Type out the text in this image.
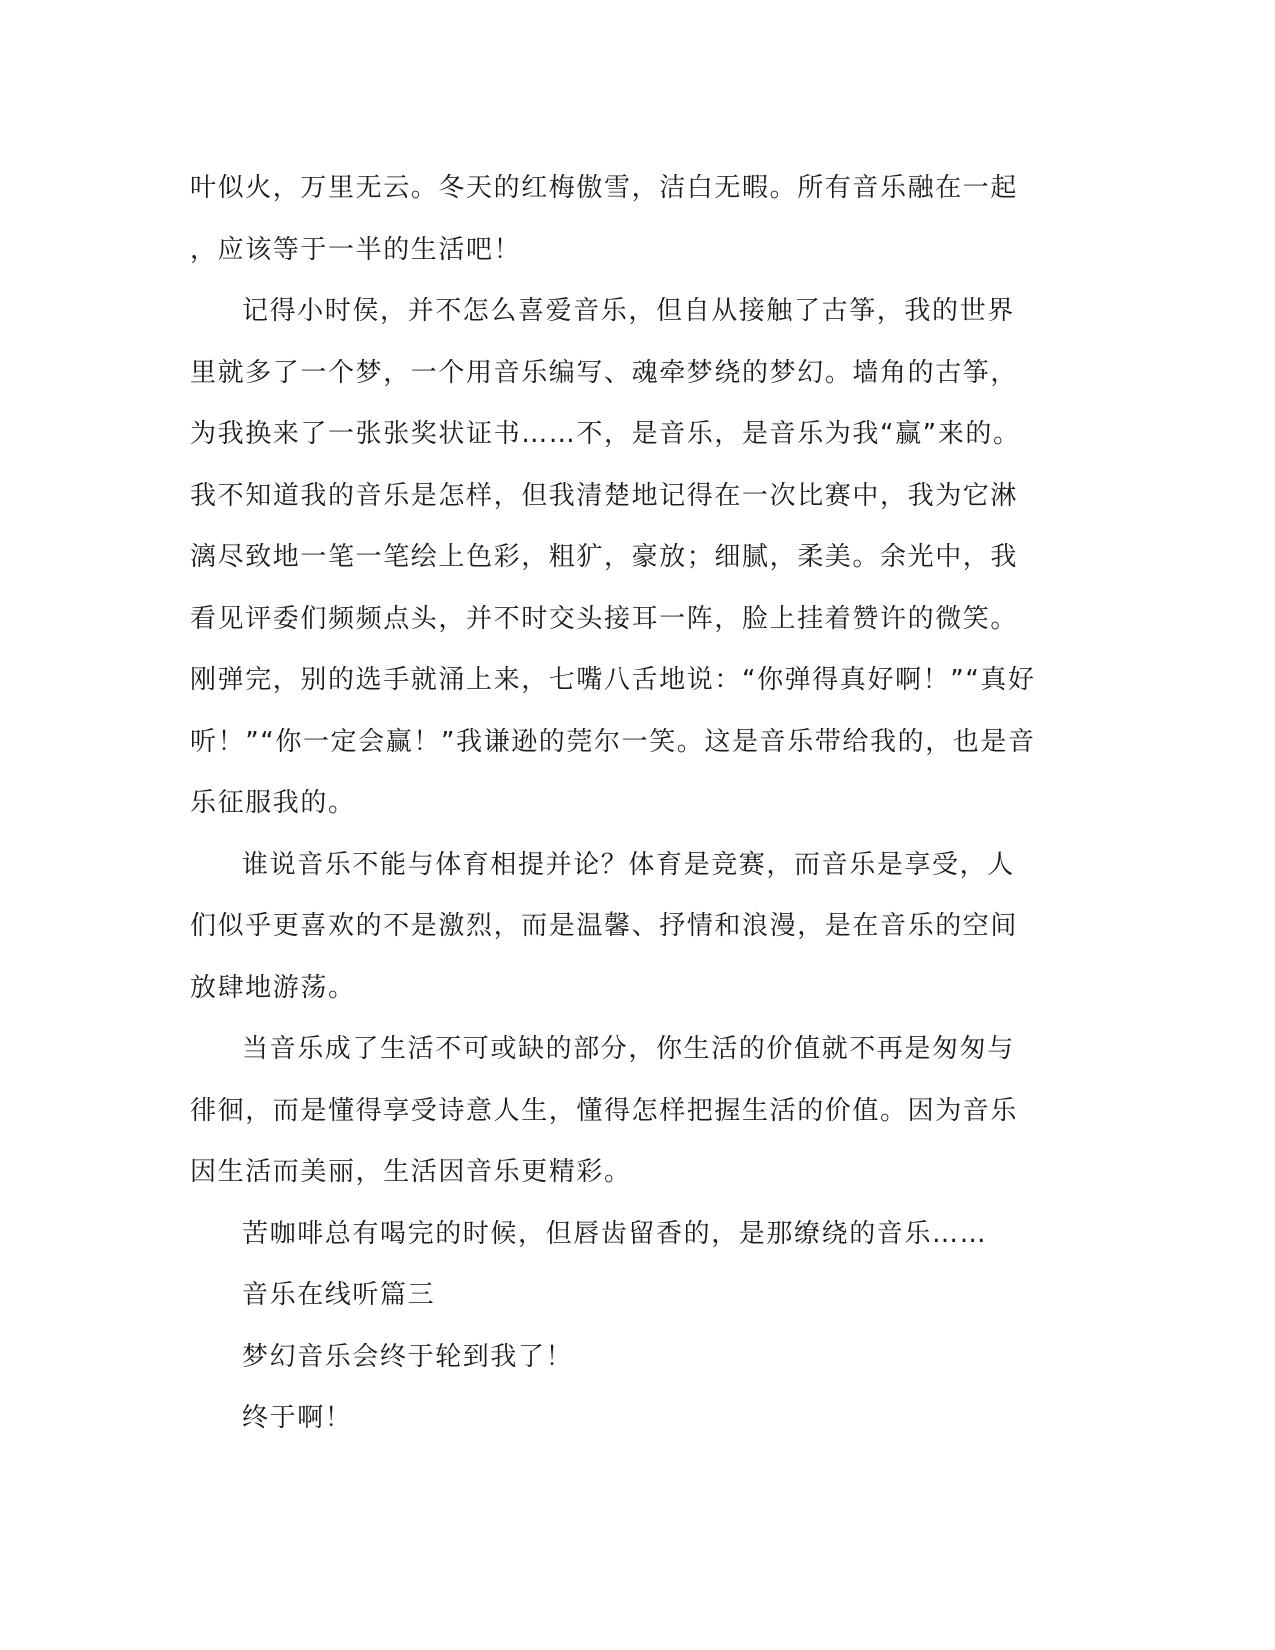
叶似火，万里无云。冬天的红梅傲雪，洁白无暇。所有音乐融在一起
，应该等于一半的生活吧！
记得小时侯，并不怎么喜爱音乐，但自从接触了古筝，我的世界
里就多了一个梦，一个用音乐编写、魂牵梦绕的梦幻。墙角的古筝，
为我换来了一张张奖状证书……不，是音乐，是音乐为我“赢”来的。
我不知道我的音乐是怎样，但我清楚地记得在一次比赛中，我为它淋
漓尽致地一笔一笔绘上色彩，粗犷，豪放；细腻，柔美。余光中，我
看见评委们频频点头，并不时交头接耳一阵，脸上挂着赞许的微笑。
刚弹完，别的选手就涌上来，七嘴八舌地说：“你弹得真好啊！”“真好
听！”“你一定会赢！”我谦逊的莞尔一笑。这是音乐带给我的，也是音
乐征服我的。
谁说音乐不能与体育相提并论？体育是竞赛，而音乐是享受，人
们似乎更喜欢的不是激烈，而是温馨、抒情和浪漫，是在音乐的空间
放肆地游荡。
当音乐成了生活不可或缺的部分，你生活的价值就不再是匆匆与
徘徊，而是懂得享受诗意人生，懂得怎样把握生活的价值。因为音乐
因生活而美丽，生活因音乐更精彩。
苦咖啡总有喝完的时候，但唇齿留香的，是那缭绕的音乐……
音乐在线听篇三
梦幻音乐会终于轮到我了！
终于啊！
